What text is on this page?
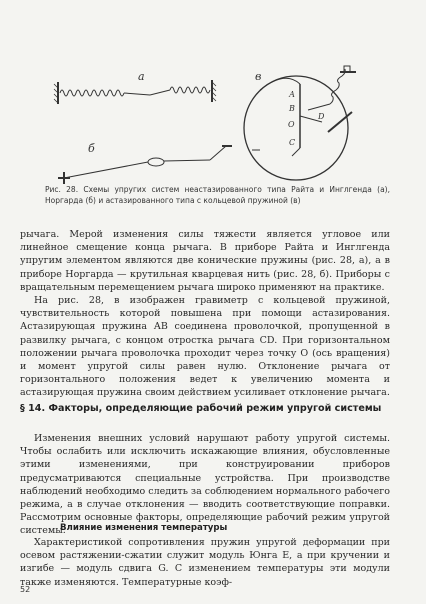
а
б
в
А
В
О
D
С
Рис. 28. Схемы упругих систем неастазированного типа Райта и Инглгенда (а), Норгарда (б) и астазированного типа с кольцевой пружиной (в)

рычага. Мерой изменения силы тяжести является угловое или линейное смещение конца рычага. В приборе Райта и Инглгенда упругим элементом являются две конические пружины (рис. 28, а), а в приборе Норгарда — крутильная кварцевая нить (рис. 28, б). Приборы с вращательным перемещением рычага широко применяют на практике.

На рис. 28, в изображен гравиметр с кольцевой пружиной, чувствительность которой повышена при помощи астазирования. Астазирующая пружина АВ соединена проволочкой, пропущенной в развилку рычага, с концом отростка рычага CD. При горизонтальном положении рычага проволочка проходит через точку О (ось вращения) и момент упругой силы равен нулю. Отклонение рычага от горизонтального положения ведет к увеличению момента и астазирующая пружина своим действием усиливает отклонение рычага.

§ 14. Факторы, определяющие рабочий режим упругой системы

Изменения внешних условий нарушают работу упругой системы. Чтобы ослабить или исключить искажающие влияния, обусловленные этими изменениями, при конструировании приборов предусматриваются специальные устройства. При производстве наблюдений необходимо следить за соблюдением нормального рабочего режима, а в случае отклонения — вводить соответствующие поправки. Рассмотрим основные факторы, определяющие рабочий режим упругой системы.

Влияние изменения температуры

Характеристикой сопротивления пружин упругой деформации при осевом растяжении-сжатии служит модуль Юнга Е, а при кручении и изгибе — модуль сдвига G. С изменением температуры эти модули также изменяются. Температурные коэф-

52
